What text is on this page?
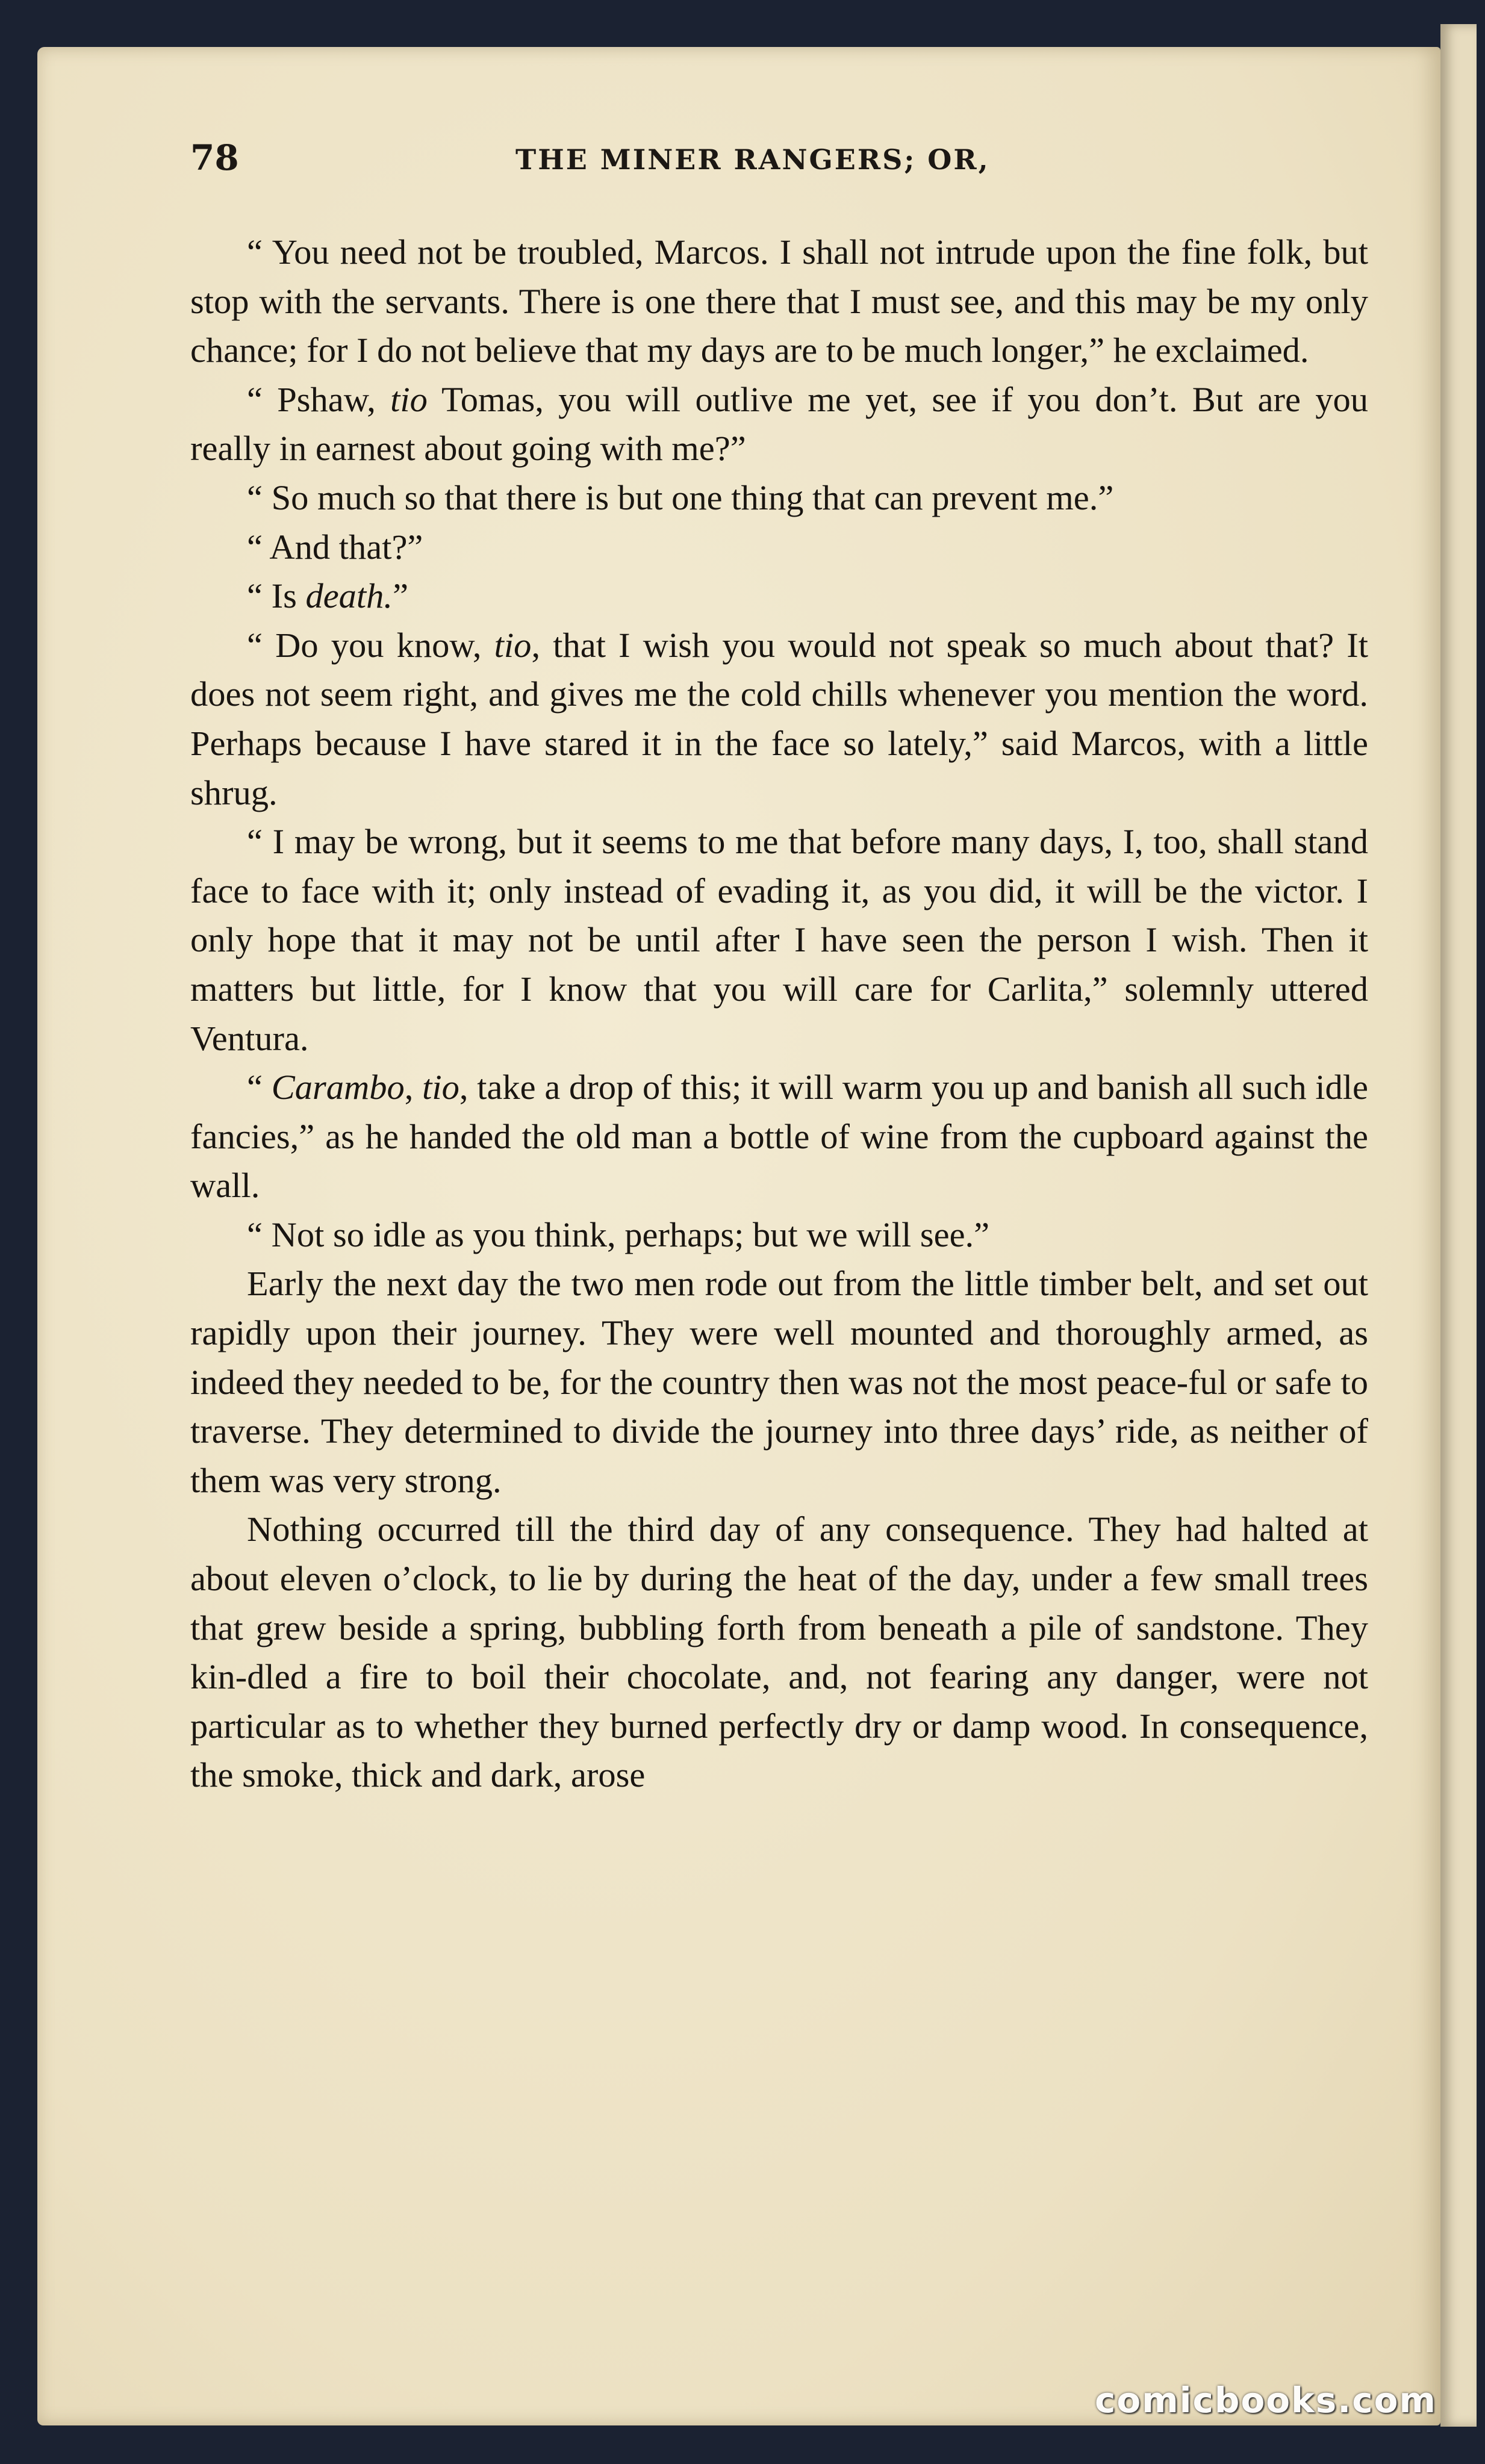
78	THE MINER RANGERS; OR,

“ You need not be troubled, Marcos. I shall not intrude upon the fine folk, but stop with the servants. There is one there that I must see, and this may be my only chance; for I do not believe that my days are to be much longer,” he exclaimed.

“ Pshaw, tio Tomas, you will outlive me yet, see if you don’t. But are you really in earnest about going with me?”

“ So much so that there is but one thing that can prevent me.”

“ And that?”

“ Is death.”

“ Do you know, tio, that I wish you would not speak so much about that? It does not seem right, and gives me the cold chills whenever you mention the word. Perhaps because I have stared it in the face so lately,” said Marcos, with a little shrug.

“ I may be wrong, but it seems to me that before many days, I, too, shall stand face to face with it; only instead of evading it, as you did, it will be the victor. I only hope that it may not be until after I have seen the person I wish. Then it matters but little, for I know that you will care for Carlita,” solemnly uttered Ventura.

“ Carambo, tio, take a drop of this; it will warm you up and banish all such idle fancies,” as he handed the old man a bottle of wine from the cupboard against the wall.

“ Not so idle as you think, perhaps; but we will see.”

Early the next day the two men rode out from the little timber belt, and set out rapidly upon their journey. They were well mounted and thoroughly armed, as indeed they needed to be, for the country then was not the most peace-ful or safe to traverse. They determined to divide the journey into three days’ ride, as neither of them was very strong.

Nothing occurred till the third day of any consequence. They had halted at about eleven o’clock, to lie by during the heat of the day, under a few small trees that grew beside a spring, bubbling forth from beneath a pile of sandstone. They kin-dled a fire to boil their chocolate, and, not fearing any danger, were not particular as to whether they burned perfectly dry or damp wood. In consequence, the smoke, thick and dark, arose

comicbooks.com
